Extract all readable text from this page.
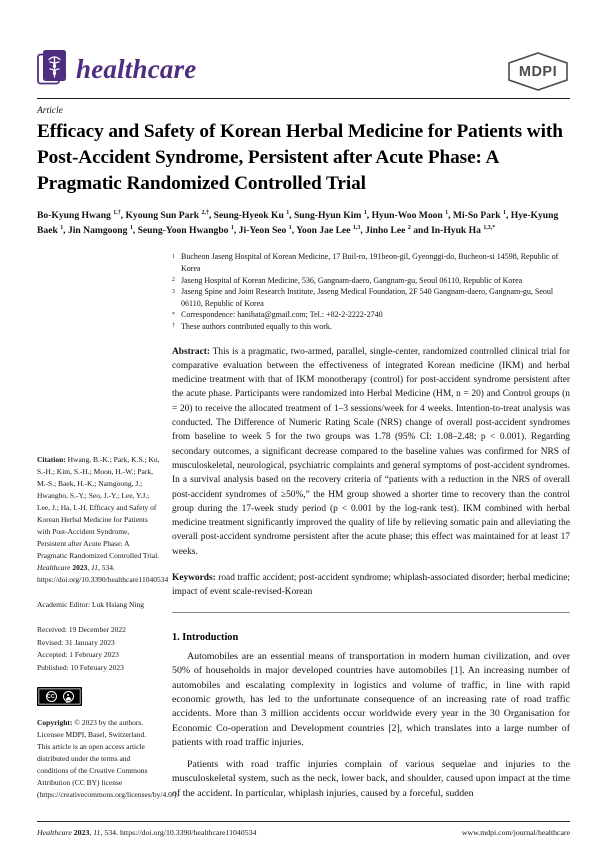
healthcare	MDPI
Article
Efficacy and Safety of Korean Herbal Medicine for Patients with Post-Accident Syndrome, Persistent after Acute Phase: A Pragmatic Randomized Controlled Trial

Bo-Kyung Hwang $^{1,\dagger}$, Kyoung Sun Park $^{2,\dagger}$, Seung-Hyeok Ku $^1$, Sung-Hyun Kim $^1$, Hyun-Woo Moon $^1$, Mi-So Park $^1$, Hye-Kyung Baek $^1$, Jin Namgoong $^1$, Seung-Yoon Hwangbo $^1$, Ji-Yeon Seo $^1$, Yoon Jae Lee $^{1,3}$, Jinho Lee $^2$ and In-Hyuk Ha $^{1,3,*}$

Citation: Hwang, B.-K.; Park, K.S.; Ku, S.-H.; Kim, S.-H.; Moon, H.-W.; Park, M.-S.; Baek, H.-K.; Namgoong, J.; Hwangbo, S.-Y.; Seo, J.-Y.; Lee, Y.J.; Lee, J.; Ha, I.-H. Efficacy and Safety of Korean Herbal Medicine for Patients with Post-Accident Syndrome, Persistent after Acute Phase: A Pragmatic Randomized Controlled Trial. Healthcare 2023, 11, 534. https://doi.org/10.3390/healthcare11040534

Academic Editor: Luk Hsiang Ning
Received: 19 December 2022
Revised: 31 January 2023
Accepted: 1 February 2023
Published: 10 February 2023
CC
BY

Copyright: © 2023 by the authors. Licensee MDPI, Basel, Switzerland. This article is an open access article distributed under the terms and conditions of the Creative Commons Attribution (CC BY) license (https://creativecommons.org/licenses/by/4.0/).

1 Bucheon Jaseng Hospital of Korean Medicine, 17 Buil-ro, 191beon-gil, Gyeonggi-do, Bucheon-si 14598, Republic of Korea
2 Jaseng Hospital of Korean Medicine, 536, Gangnam-daero, Gangnam-gu, Seoul 06110, Republic of Korea
3 Jaseng Spine and Joint Research Institute, Jaseng Medical Foundation, 2F 540 Gangnam-daero, Gangnam-gu, Seoul 06110, Republic of Korea
* Correspondence: hanihata@gmail.com; Tel.: +82-2-2222-2740
† These authors contributed equally to this work.

Abstract: This is a pragmatic, two-armed, parallel, single-center, randomized controlled clinical trial for comparative evaluation between the effectiveness of integrated Korean medicine (IKM) and herbal medicine treatment with that of IKM monotherapy (control) for post-accident syndrome persistent after the acute phase. Participants were randomized into Herbal Medicine (HM, n = 20) and Control groups (n = 20) to receive the allocated treatment of 1–3 sessions/week for 4 weeks. Intention-to-treat analysis was conducted. The Difference of Numeric Rating Scale (NRS) change of overall post-accident syndromes from baseline to week 5 for the two groups was 1.78 (95% CI: 1.08–2.48; p < 0.001). Regarding secondary outcomes, a significant decrease compared to the baseline values was confirmed for NRS of musculoskeletal, neurological, psychiatric complaints and general symptoms of post-accident syndromes. In a survival analysis based on the recovery criteria of “patients with a reduction in the NRS of overall post-accident syndromes of ≥50%,” the HM group showed a shorter time to recovery than the control group during the 17-week study period (p < 0.001 by the log-rank test). IKM combined with herbal medicine treatment significantly improved the quality of life by relieving somatic pain and alleviating the overall post-accident syndrome persistent after the acute phase; this effect was maintained for at least 17 weeks.

Keywords: road traffic accident; post-accident syndrome; whiplash-associated disorder; herbal medicine; impact of event scale-revised-Korean

1. Introduction

Automobiles are an essential means of transportation in modern human civilization, and over 50% of households in major developed countries have automobiles [1]. An increasing number of automobiles and escalating complexity in logistics and volume of traffic, in line with rapid economic growth, has led to the unfortunate consequence of an increasing rate of road traffic accidents. More than 3 million accidents occur worldwide every year in the 30 Organisation for Economic Co-operation and Development countries [2], which translates into a large number of patients with road traffic injuries.

Patients with road traffic injuries complain of various sequelae and injuries to the musculoskeletal system, such as the neck, lower back, and shoulder, caused upon impact at the time of the accident. In particular, whiplash injuries, caused by a forceful, sudden

Healthcare 2023, 11, 534. https://doi.org/10.3390/healthcare11040534	www.mdpi.com/journal/healthcare
